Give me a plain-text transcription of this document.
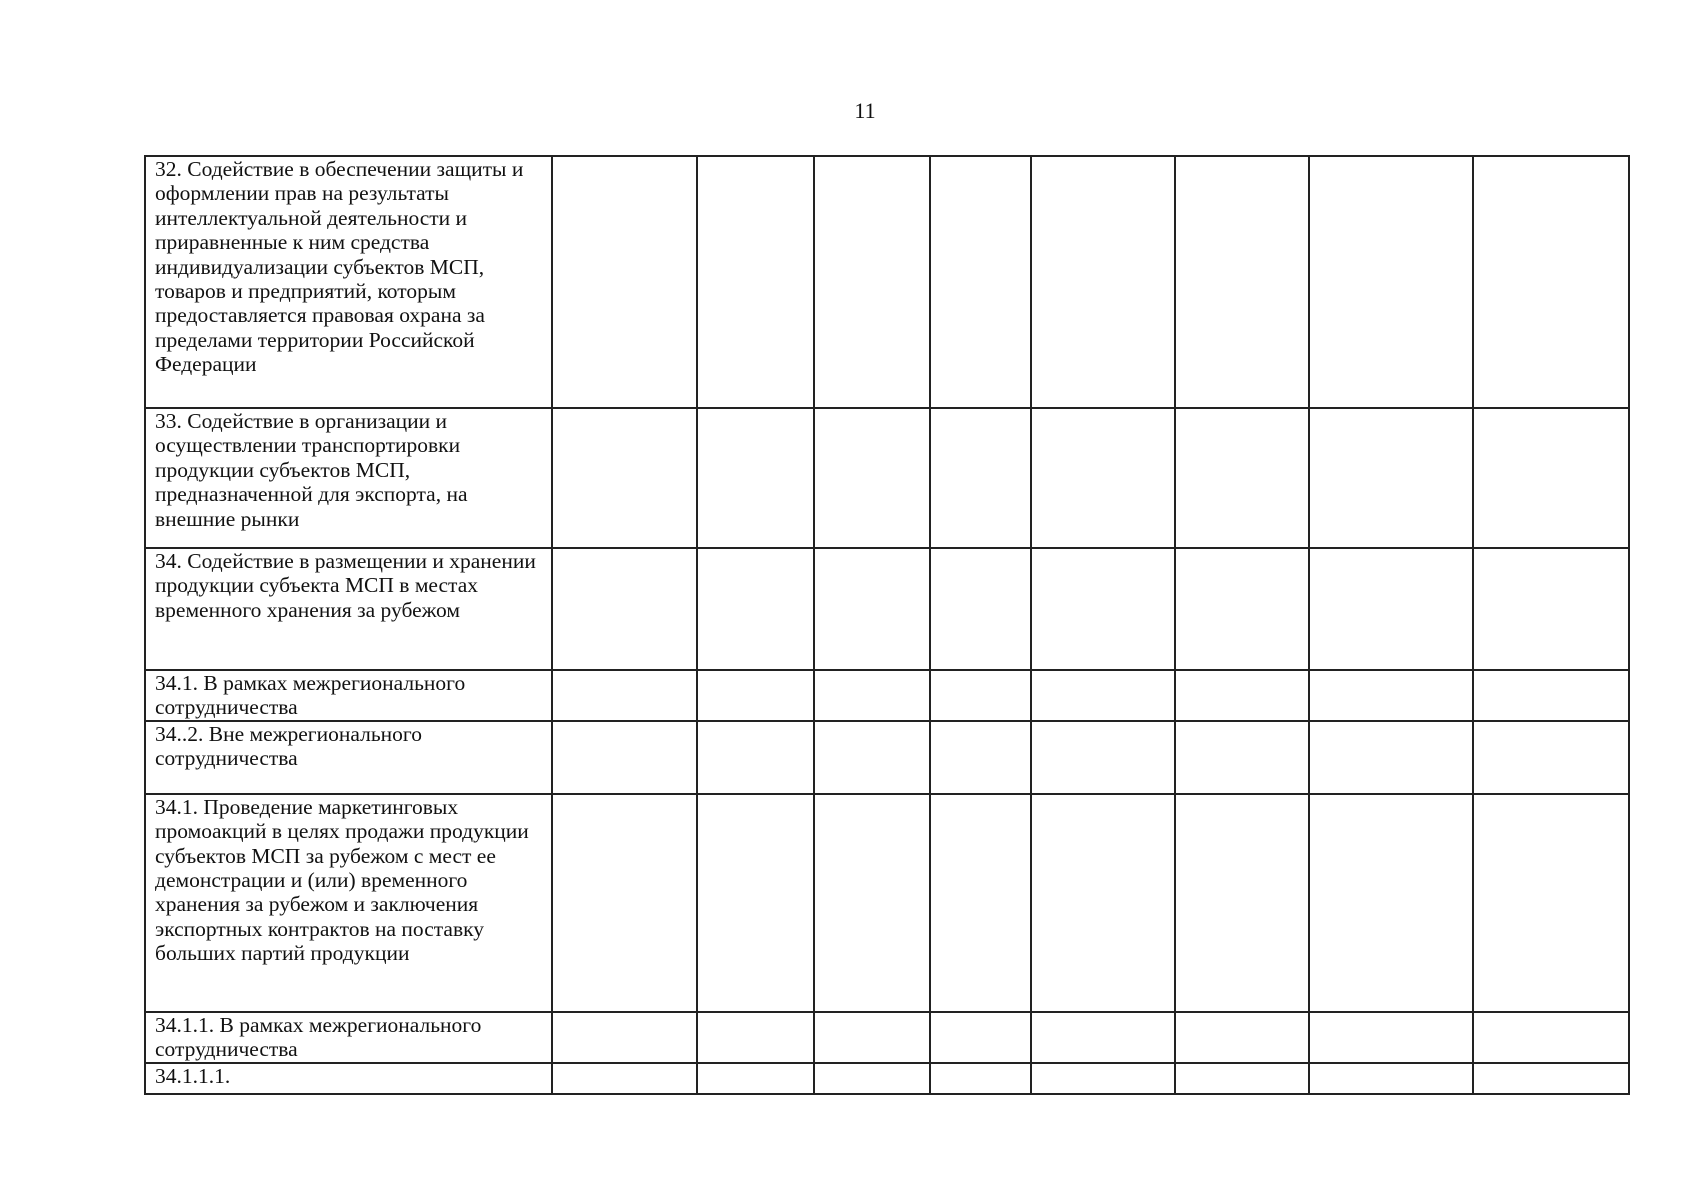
11
32. Содействие в обеспечении защиты и оформлении прав на результаты интеллектуальной деятельности и приравненные к ним средства индивидуализации субъектов МСП, товаров и предприятий, которым предоставляется правовая охрана за пределами территории Российской Федерации								
33. Содействие в организации и осуществлении транспортировки продукции субъектов МСП, предназначенной для экспорта, на внешние рынки								
34. Содействие в размещении и хранении продукции субъекта МСП в местах временного хранения за рубежом								
34.1. В рамках межрегионального сотрудничества								
34..2. Вне межрегионального сотрудничества								
34.1. Проведение маркетинговых промоакций в целях продажи продукции субъектов МСП за рубежом с мест ее демонстрации и (или) временного хранения за рубежом и заключения экспортных контрактов на поставку больших партий продукции								
34.1.1. В рамках межрегионального сотрудничества								
34.1.1.1.								
